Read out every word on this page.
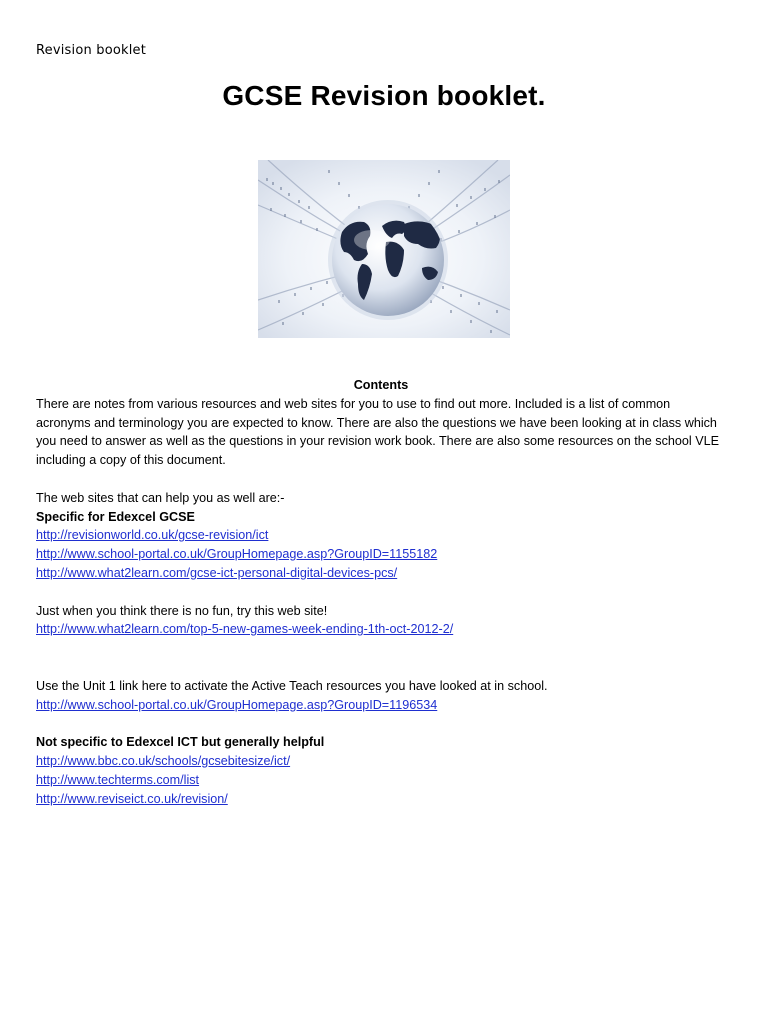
Revision booklet
GCSE Revision booklet.
Contents

There are notes from various resources and web sites for you to use to find out more. Included is a list of common acronyms and terminology you are expected to know. There are also the questions we have been looking at in class which you need to answer as well as the questions in your revision work book. There are also some resources on the school VLE including a copy of this document.

The web sites that can help you as well are:-
Specific for Edexcel GCSE
http://revisionworld.co.uk/gcse-revision/ict
http://www.school-portal.co.uk/GroupHomepage.asp?GroupID=1155182
http://www.what2learn.com/gcse-ict-personal-digital-devices-pcs/
Just when you think there is no fun, try this web site!
http://www.what2learn.com/top-5-new-games-week-ending-1th-oct-2012-2/
Use the Unit 1 link here to activate the Active Teach resources you have looked at in school.
http://www.school-portal.co.uk/GroupHomepage.asp?GroupID=1196534
Not specific to Edexcel ICT but generally helpful
http://www.bbc.co.uk/schools/gcsebitesize/ict/
http://www.techterms.com/list
http://www.reviseict.co.uk/revision/
